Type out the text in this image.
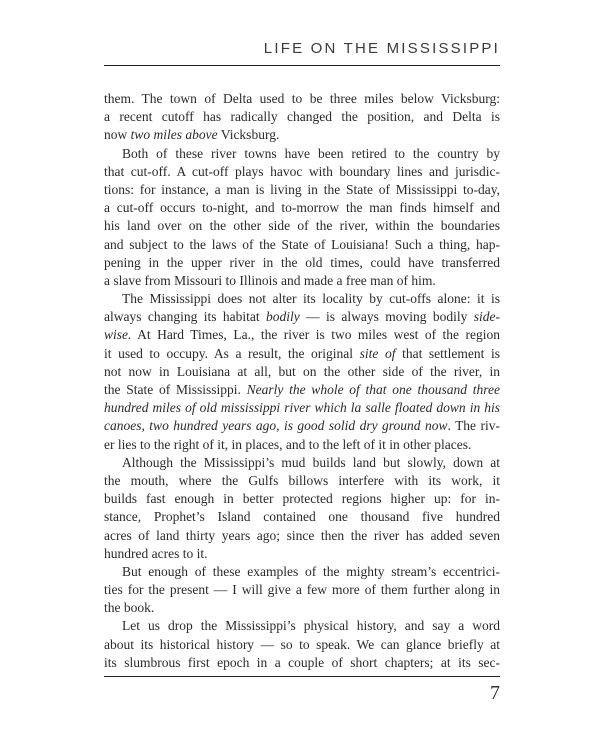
LIFE ON THE MISSISSIPPI
them. The town of Delta used to be three miles below Vicksburg:
a recent cutoff has radically changed the position, and Delta is
now two miles above Vicksburg.
Both of these river towns have been retired to the country by
that cut-off. A cut-off plays havoc with boundary lines and jurisdic-
tions: for instance, a man is living in the State of Mississippi to-day,
a cut-off occurs to-night, and to-morrow the man finds himself and
his land over on the other side of the river, within the boundaries
and subject to the laws of the State of Louisiana! Such a thing, hap-
pening in the upper river in the old times, could have transferred
a slave from Missouri to Illinois and made a free man of him.
The Mississippi does not alter its locality by cut-offs alone: it is
always changing its habitat bodily — is always moving bodily side-
wise. At Hard Times, La., the river is two miles west of the region
it used to occupy. As a result, the original site of that settlement is
not now in Louisiana at all, but on the other side of the river, in
the State of Mississippi. Nearly the whole of that one thousand three
hundred miles of old mississippi river which la salle floated down in his
canoes, two hundred years ago, is good solid dry ground now. The riv-
er lies to the right of it, in places, and to the left of it in other places.
Although the Mississippi’s mud builds land but slowly, down at
the mouth, where the Gulfs billows interfere with its work, it
builds fast enough in better protected regions higher up: for in-
stance, Prophet’s Island contained one thousand five hundred
acres of land thirty years ago; since then the river has added seven
hundred acres to it.
But enough of these examples of the mighty stream’s eccentrici-
ties for the present — I will give a few more of them further along in
the book.
Let us drop the Mississippi’s physical history, and say a word
about its historical history — so to speak. We can glance briefly at
its slumbrous first epoch in a couple of short chapters; at its sec-
7
